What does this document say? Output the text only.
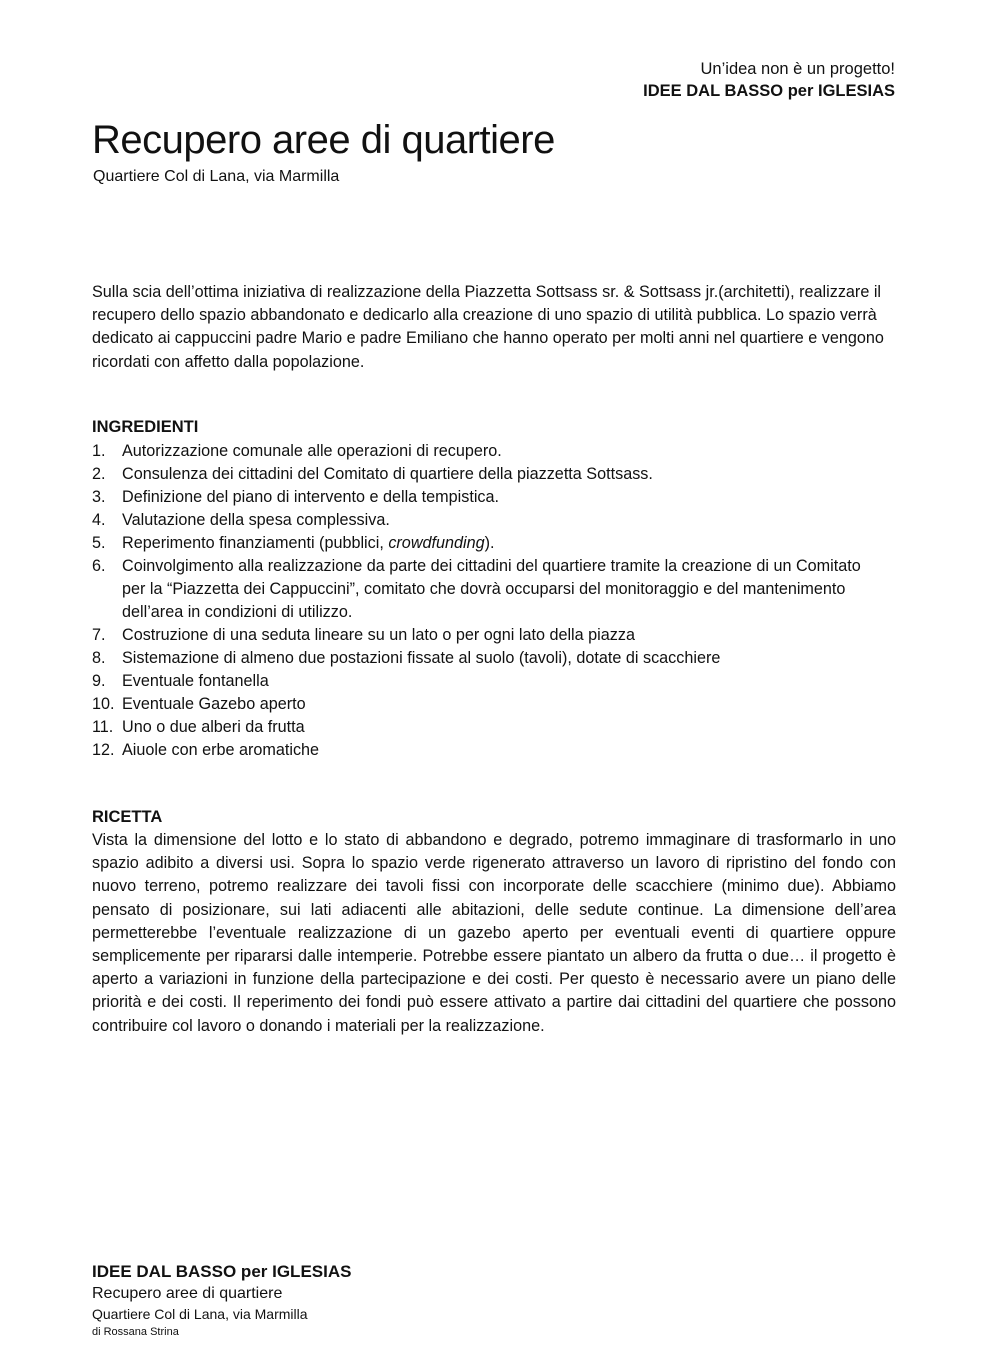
Un’idea non è un progetto!
IDEE DAL BASSO per IGLESIAS
Recupero aree di quartiere
Quartiere Col di Lana, via Marmilla

Sulla scia dell’ottima iniziativa di realizzazione della Piazzetta Sottsass sr. & Sottsass jr.(architetti), realizzare il recupero dello spazio abbandonato e dedicarlo alla creazione di uno spazio di utilità pubblica. Lo spazio verrà dedicato ai cappuccini padre Mario e padre Emiliano che hanno operato per molti anni nel quartiere e vengono ricordati con affetto dalla popolazione.

INGREDIENTI
1.	Autorizzazione comunale alle operazioni di recupero.
2.	Consulenza dei cittadini del Comitato di quartiere della piazzetta Sottsass.
3.	Definizione del piano di intervento e della tempistica.
4.	Valutazione della spesa complessiva.
5.	Reperimento finanziamenti (pubblici, crowdfunding).
6.	Coinvolgimento alla realizzazione da parte dei cittadini del quartiere tramite la creazione di un Comitato per la “Piazzetta dei Cappuccini”, comitato che dovrà occuparsi del monitoraggio e del mantenimento dell’area in condizioni di utilizzo.
7.	Costruzione di una seduta lineare su un lato o per ogni lato della piazza
8.	Sistemazione di almeno due postazioni fissate al suolo (tavoli), dotate di scacchiere
9.	Eventuale fontanella
10. Eventuale Gazebo aperto
11. Uno o due alberi da frutta
12. Aiuole con erbe aromatiche
RICETTA

Vista la dimensione del lotto e lo stato di abbandono e degrado, potremo immaginare di trasformarlo in uno spazio adibito a diversi usi. Sopra lo spazio verde rigenerato attraverso un lavoro di ripristino del fondo con nuovo terreno, potremo realizzare dei tavoli fissi con incorporate delle scacchiere (minimo due). Abbiamo pensato di posizionare, sui lati adiacenti alle abitazioni, delle sedute continue. La dimensione dell’area permetterebbe l’eventuale realizzazione di un gazebo aperto per eventuali eventi di quartiere oppure semplicemente per ripararsi dalle intemperie. Potrebbe essere piantato un albero da frutta o due… il progetto è aperto a variazioni in funzione della partecipazione e dei costi. Per questo è necessario avere un piano delle priorità e dei costi. Il reperimento dei fondi può essere attivato a partire dai cittadini del quartiere che possono contribuire col lavoro o donando i materiali per la realizzazione.

IDEE DAL BASSO per IGLESIAS
Recupero aree di quartiere
Quartiere Col di Lana, via Marmilla
di Rossana Strina
